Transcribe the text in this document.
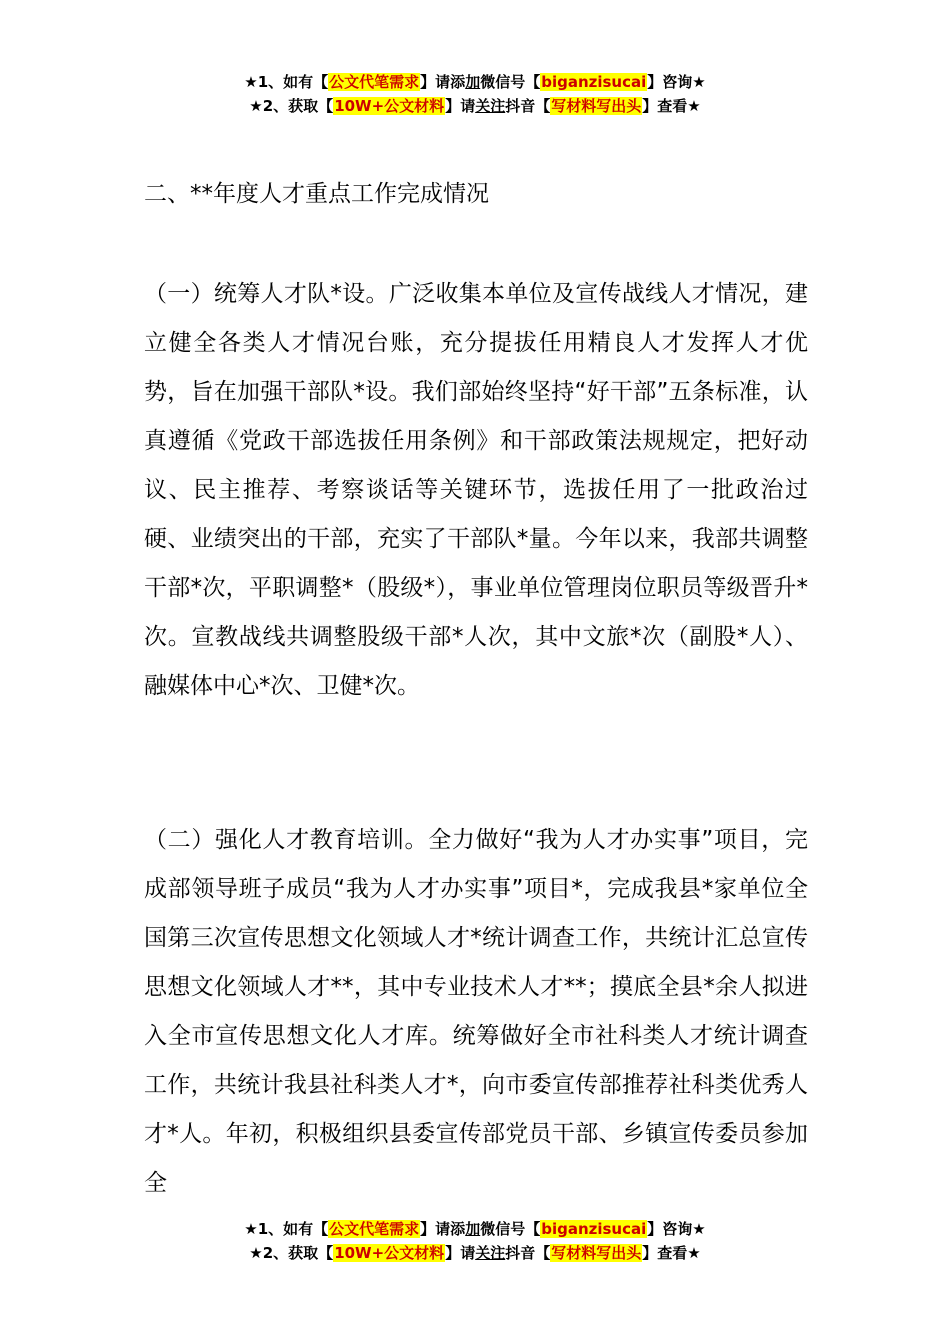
★1、如有【公文代笔需求】请添加微信号【biganzisucai】咨询★
★2、获取【10W+公文材料】请关注抖音【写材料写出头】查看★

二、**年度人才重点工作完成情况

（一）统筹人才队*设。广泛收集本单位及宣传战线人才情况，建立健全各类人才情况台账，充分提拔任用精良人才发挥人才优势，旨在加强干部队*设。我们部始终坚持“好干部”五条标准，认真遵循《党政干部选拔任用条例》和干部政策法规规定，把好动议、民主推荐、考察谈话等关键环节，选拔任用了一批政治过硬、业绩突出的干部，充实了干部队*量。今年以来，我部共调整干部*次，平职调整*（股级*），事业单位管理岗位职员等级晋升*次。宣教战线共调整股级干部*人次，其中文旅*次（副股*人）、融媒体中心*次、卫健*次。

（二）强化人才教育培训。全力做好“我为人才办实事”项目，完成部领导班子成员“我为人才办实事”项目*，完成我县*家单位全国第三次宣传思想文化领域人才*统计调查工作，共统计汇总宣传思想文化领域人才**，其中专业技术人才**；摸底全县*余人拟进入全市宣传思想文化人才库。统筹做好全市社科类人才统计调查工作，共统计我县社科类人才*，向市委宣传部推荐社科类优秀人才*人。年初，积极组织县委宣传部党员干部、乡镇宣传委员参加全

★1、如有【公文代笔需求】请添加微信号【biganzisucai】咨询★
★2、获取【10W+公文材料】请关注抖音【写材料写出头】查看★
